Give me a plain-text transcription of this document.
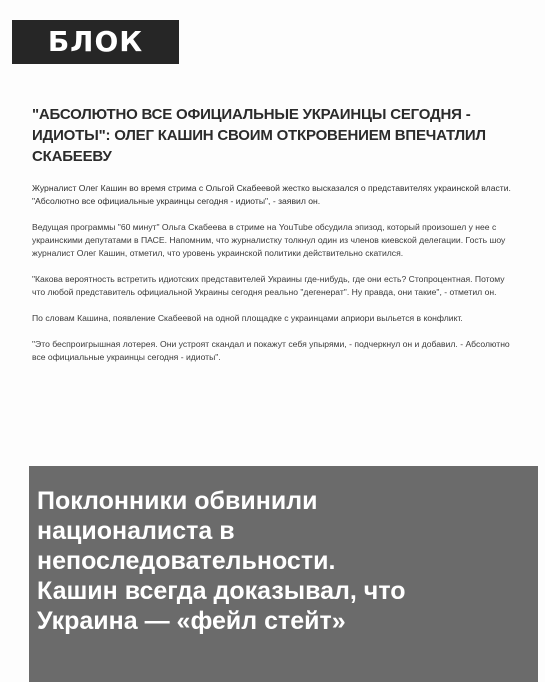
БЛОК
"АБСОЛЮТНО ВСЕ ОФИЦИАЛЬНЫЕ УКРАИНЦЫ СЕГОДНЯ - ИДИОТЫ": ОЛЕГ КАШИН СВОИМ ОТКРОВЕНИЕМ ВПЕЧАТЛИЛ СКАБЕЕВУ

Журналист Олег Кашин во время стрима с Ольгой Скабеевой жестко высказался о представителях украинской власти. "Абсолютно все официальные украинцы сегодня - идиоты", - заявил он.

Ведущая программы "60 минут" Ольга Скабеева в стриме на YouTube обсудила эпизод, который произошел у нее с украинскими депутатами в ПАСЕ. Напомним, что журналистку толкнул один из членов киевской делегации. Гость шоу журналист Олег Кашин, отметил, что уровень украинской политики действительно скатился.

"Какова вероятность встретить идиотских представителей Украины где-нибудь, где они есть? Стопроцентная. Потому что любой представитель официальной Украины сегодня реально "дегенерат". Ну правда, они такие", - отметил он.

По словам Кашина, появление Скабеевой на одной площадке с украинцами априори выльется в конфликт.

"Это беспроигрышная лотерея. Они устроят скандал и покажут себя упырями, - подчеркнул он и добавил. - Абсолютно все официальные украинцы сегодня - идиоты".

Поклонники обвинили
националиста в
непоследовательности.
Кашин всегда доказывал, что
Украина — «фейл стейт»
